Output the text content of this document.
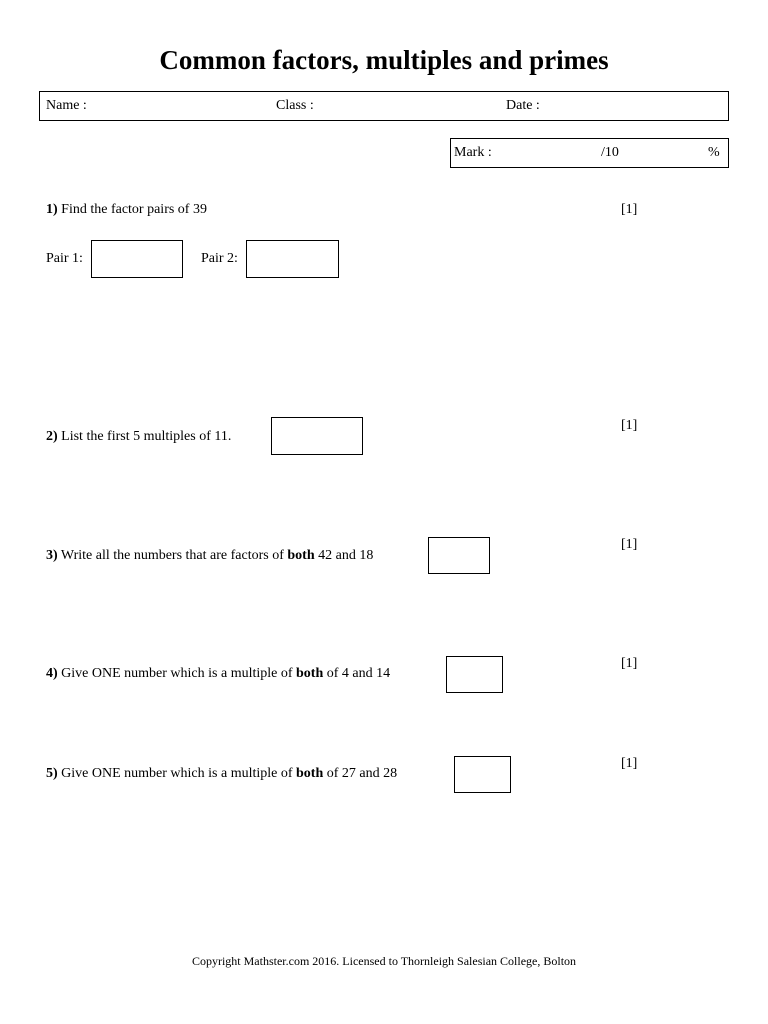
Common factors, multiples and primes
Name :	Class :	Date :
Mark :	/10	%
1) Find the factor pairs of 39	[1]
Pair 1:	Pair 2:
2) List the first 5 multiples of 11.
[1]
3) Write all the numbers that are factors of both 42 and 18
[1]
4) Give ONE number which is a multiple of both of 4 and 14
[1]
5) Give ONE number which is a multiple of both of 27 and 28
[1]
Copyright Mathster.com 2016. Licensed to Thornleigh Salesian College, Bolton
